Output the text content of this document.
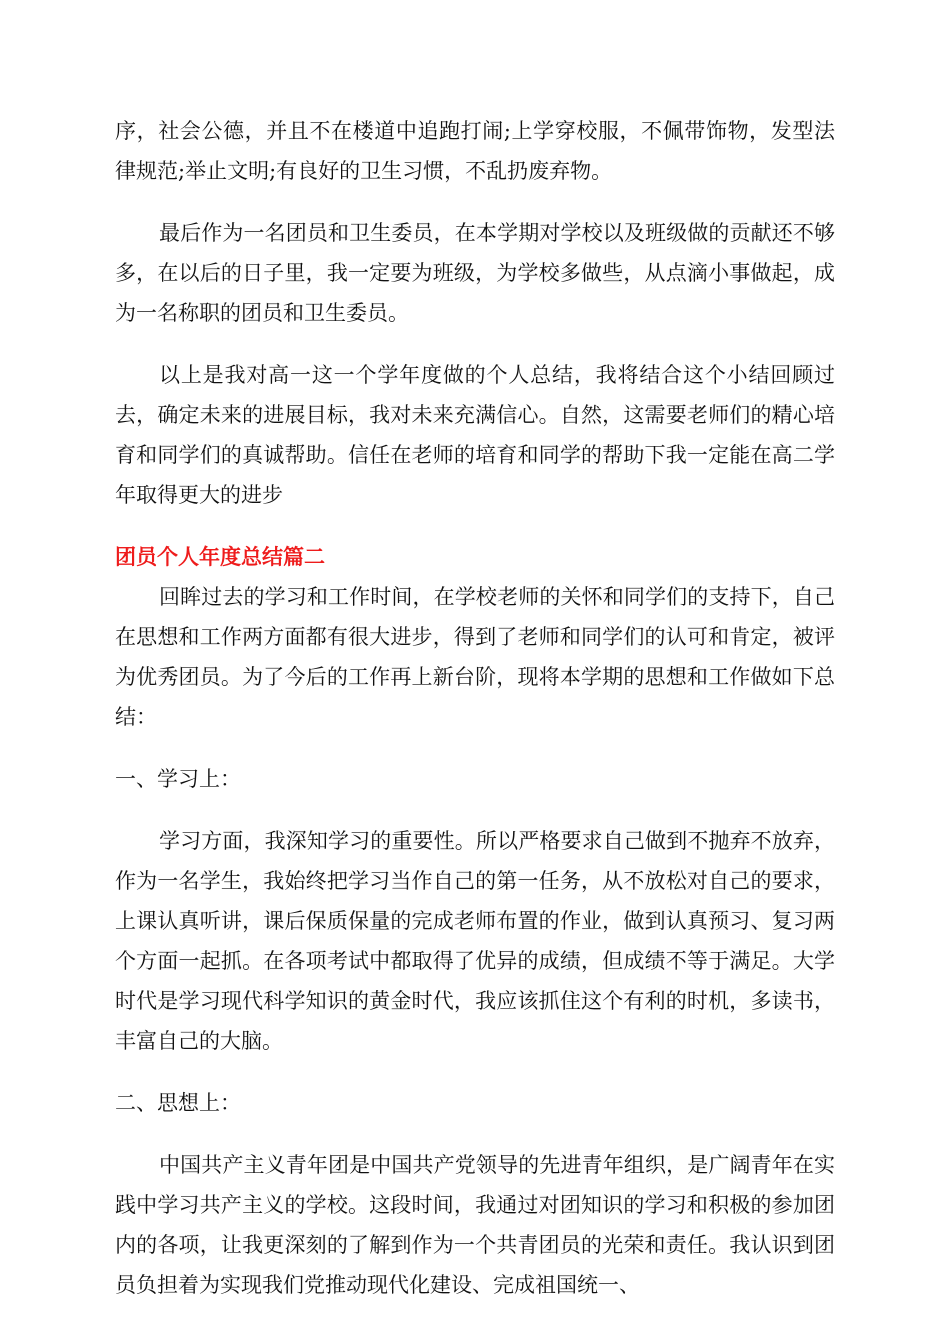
序，社会公德，并且不在楼道中追跑打闹;上学穿校服，不佩带饰物，发型法律规范;举止文明;有良好的卫生习惯，不乱扔废弃物。

最后作为一名团员和卫生委员，在本学期对学校以及班级做的贡献还不够多，在以后的日子里，我一定要为班级，为学校多做些，从点滴小事做起，成为一名称职的团员和卫生委员。

以上是我对高一这一个学年度做的个人总结，我将结合这个小结回顾过去，确定未来的进展目标，我对未来充满信心。自然，这需要老师们的精心培育和同学们的真诚帮助。信任在老师的培育和同学的帮助下我一定能在高二学年取得更大的进步

团员个人年度总结篇二

回眸过去的学习和工作时间，在学校老师的关怀和同学们的支持下，自己在思想和工作两方面都有很大进步，得到了老师和同学们的认可和肯定，被评为优秀团员。为了今后的工作再上新台阶，现将本学期的思想和工作做如下总结：

一、学习上：

学习方面，我深知学习的重要性。所以严格要求自己做到不抛弃不放弃，作为一名学生，我始终把学习当作自己的第一任务，从不放松对自己的要求，上课认真听讲，课后保质保量的完成老师布置的作业，做到认真预习、复习两个方面一起抓。在各项考试中都取得了优异的成绩，但成绩不等于满足。大学时代是学习现代科学知识的黄金时代，我应该抓住这个有利的时机，多读书，丰富自己的大脑。

二、思想上：

中国共产主义青年团是中国共产党领导的先进青年组织，是广阔青年在实践中学习共产主义的学校。这段时间，我通过对团知识的学习和积极的参加团内的各项，让我更深刻的了解到作为一个共青团员的光荣和责任。我认识到团员负担着为实现我们党推动现代化建设、完成祖国统一、
